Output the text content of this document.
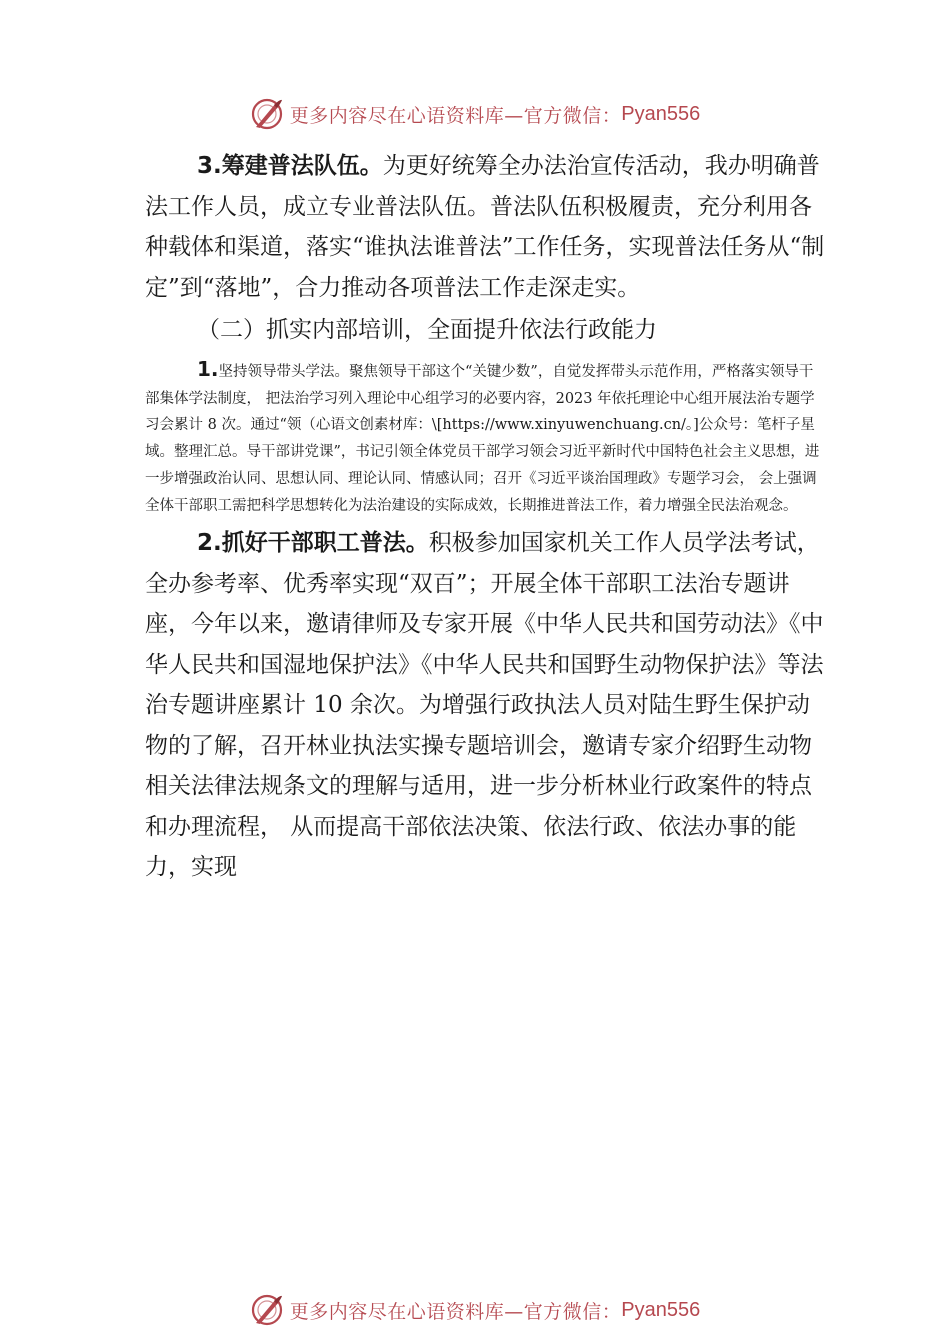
更多内容尽在心语资料库—官方微信： Pyan556

3.筹建普法队伍。为更好统筹全办法治宣传活动，我办明确普法工作人员，成立专业普法队伍。普法队伍积极履责，充分利用各种载体和渠道，落实“谁执法谁普法”工作任务，实现普法任务从“制定”到“落地”，合力推动各项普法工作走深走实。

（二）抓实内部培训，全面提升依法行政能力

1.坚持领导带头学法。聚焦领导干部这个“关键少数”，自觉发挥带头示范作用，严格落实领导干部集体学法制度， 把法治学习列入理论中心组学习的必要内容，2023 年依托理论中心组开展法治专题学习会累计 8 次。通过“领（心语文创素材库：\[https://www.xinyuwenchuang.cn/。]公众号：笔杆子星域。整理汇总。导干部讲党课”，书记引领全体党员干部学习领会习近平新时代中国特色社会主义思想，进一步增强政治认同、思想认同、理论认同、情感认同；召开《习近平谈治国理政》专题学习会， 会上强调全体干部职工需把科学思想转化为法治建设的实际成效，长期推进普法工作，着力增强全民法治观念。

2.抓好干部职工普法。积极参加国家机关工作人员学法考试，全办参考率、优秀率实现“双百”；开展全体干部职工法治专题讲座，今年以来，邀请律师及专家开展《中华人民共和国劳动法》《中华人民共和国湿地保护法》《中华人民共和国野生动物保护法》等法治专题讲座累计 10 余次。为增强行政执法人员对陆生野生保护动物的了解，召开林业执法实操专题培训会，邀请专家介绍野生动物相关法律法规条文的理解与适用，进一步分析林业行政案件的特点和办理流程， 从而提高干部依法决策、依法行政、依法办事的能力，实现

更多内容尽在心语资料库—官方微信： Pyan556
